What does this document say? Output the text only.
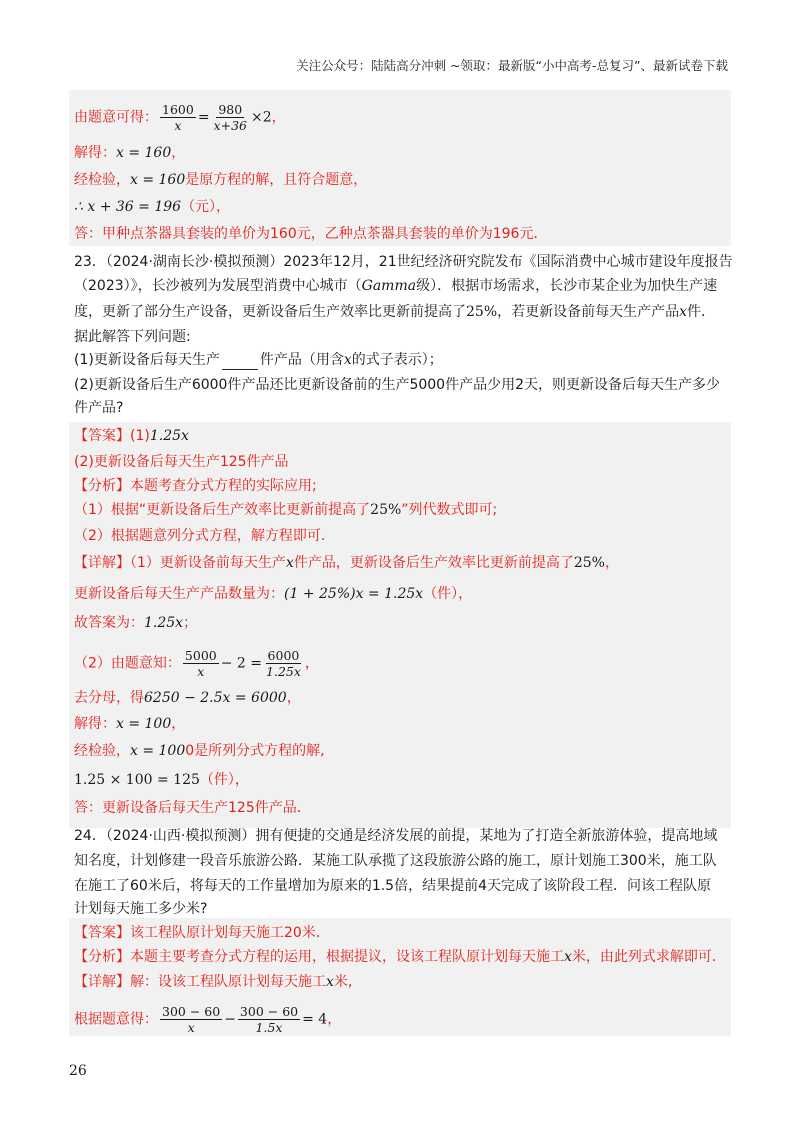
关注公众号：陆陆高分冲刺 ~领取：最新版“小中高考-总复习”、最新试卷下载
由题意可得： $\frac{1600}{x} = \frac{980}{x+36} \times 2$，
解得：x = 160，
经检验，x = 160是原方程的解，且符合题意，
∴ x + 36 = 196（元），
答：甲种点茶器具套装的单价为160元，乙种点茶器具套装的单价为196元．
23．（2024·湖南长沙·模拟预测）2023年12月，21世纪经济研究院发布《国际消费中心城市建设年度报告
（2023）》，长沙被列为发展型消费中心城市（Gamma级）．根据市场需求，长沙市某企业为加快生产速
度，更新了部分生产设备，更新设备后生产效率比更新前提高了25%，若更新设备前每天生产产品x件．
据此解答下列问题:
(1)更新设备后每天生产	件产品（用含x的式子表示）；
(2)更新设备后生产6000件产品还比更新设备前的生产5000件产品少用2天，则更新设备后每天生产多少
件产品?
【答案】(1)1.25x
(2)更新设备后每天生产125件产品
【分析】本题考查分式方程的实际应用;
（1）根据“更新设备后生产效率比更新前提高了25%”列代数式即可;
（2）根据题意列分式方程，解方程即可.
【详解】（1）更新设备前每天生产x件产品，更新设备后生产效率比更新前提高了25%，
更新设备后每天生产产品数量为：(1 + 25%)x = 1.25x（件），
故答案为：1.25x；
（2）由题意知： $\frac{5000}{x} - 2 = \frac{6000}{1.25x}$ ，
去分母，得6250 − 2.5x = 6000，
解得：x = 100，
经检验，x = 1000是所列分式方程的解,
1.25 × 100 = 125（件），
答：更新设备后每天生产125件产品．
24．（2024·山西·模拟预测）拥有便捷的交通是经济发展的前提，某地为了打造全新旅游体验，提高地域
知名度，计划修建一段音乐旅游公路．某施工队承揽了这段旅游公路的施工，原计划施工300米，施工队
在施工了60米后，将每天的工作量增加为原来的1.5倍，结果提前4天完成了该阶段工程．问该工程队原
计划每天施工多少米?
【答案】该工程队原计划每天施工20米．
【分析】本题主要考查分式方程的运用，根据提议，设该工程队原计划每天施工x米，由此列式求解即可．
【详解】解：设该工程队原计划每天施工x米,
根据题意得： $\frac{300 - 60}{x} - \frac{300 - 60}{1.5x} = 4$，
26
